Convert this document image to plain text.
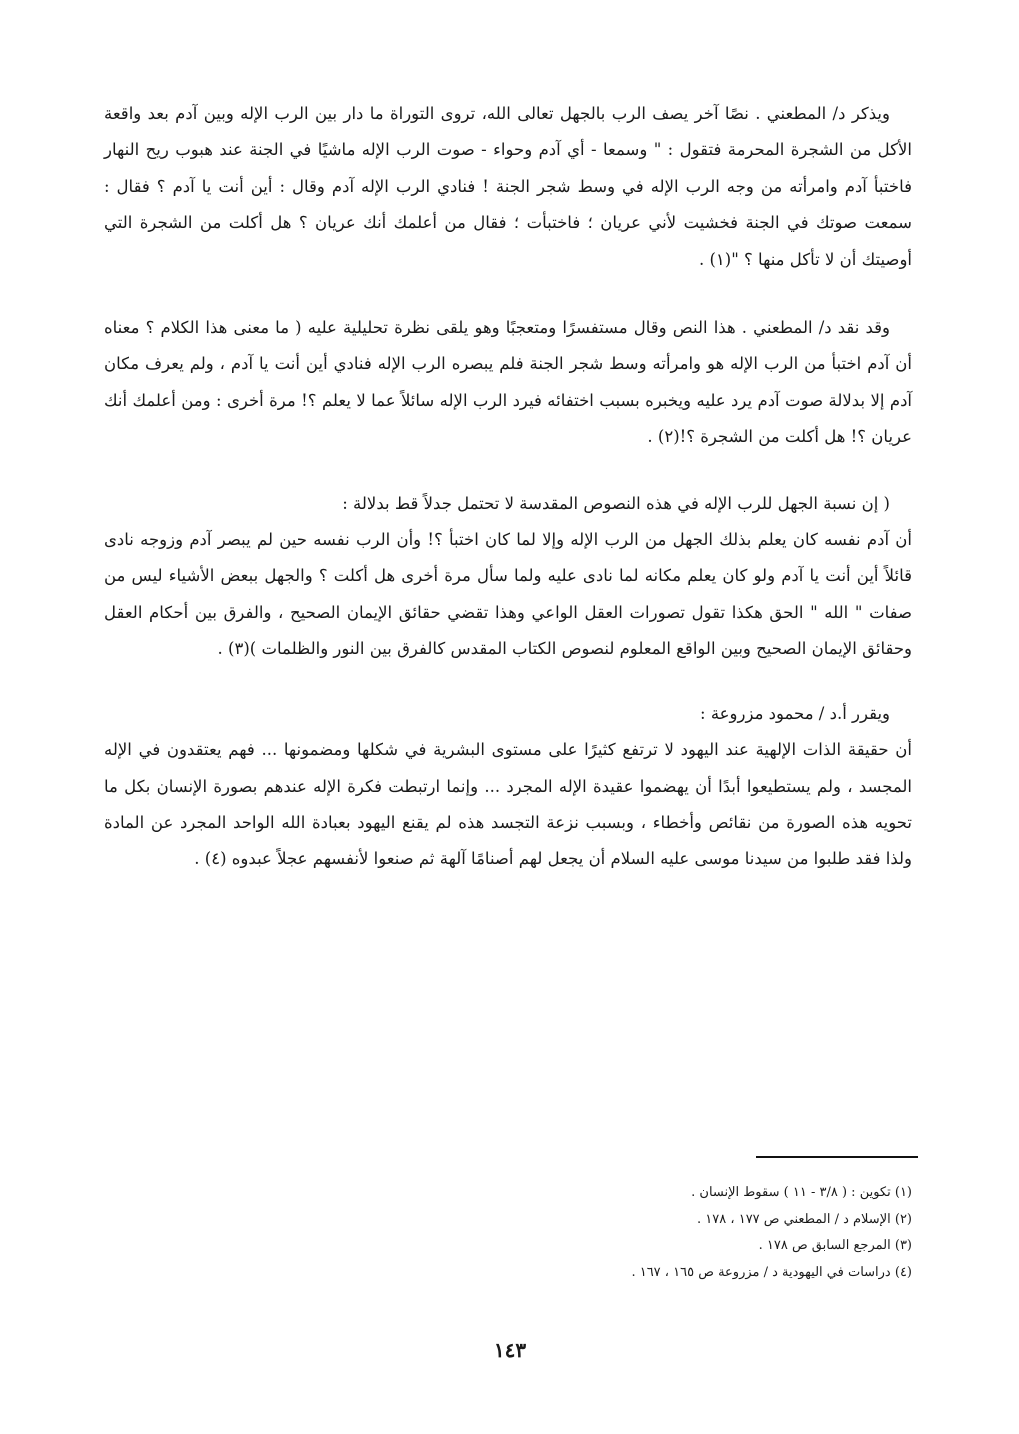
ويذكر د/ المطعني . نصًا آخر يصف الرب بالجهل تعالى الله، تروى التوراة ما دار بين الرب الإله وبين آدم بعد واقعة الأكل من الشجرة المحرمة فتقول : " وسمعا - أي آدم وحواء - صوت الرب الإله ماشيًا في الجنة عند هبوب ريح النهار فاختبأ آدم وامرأته من وجه الرب الإله في وسط شجر الجنة ! فنادي الرب الإله آدم وقال : أين أنت يا آدم ؟ فقال : سمعت صوتك في الجنة فخشيت لأني عريان ؛ فاختبأت ؛ فقال من أعلمك أنك عريان ؟ هل أكلت من الشجرة التي أوصيتك أن لا تأكل منها ؟ "(١) .

وقد نقد د/ المطعني . هذا النص وقال مستفسرًا ومتعجبًا وهو يلقى نظرة تحليلية عليه ( ما معنى هذا الكلام ؟ معناه أن آدم اختبأ من الرب الإله هو وامرأته وسط شجر الجنة فلم يبصره الرب الإله فنادي أين أنت يا آدم ، ولم يعرف مكان آدم إلا بدلالة صوت آدم يرد عليه ويخبره بسبب اختفائه فيرد الرب الإله سائلاً عما لا يعلم ؟! مرة أخرى : ومن أعلمك أنك عريان ؟! هل أكلت من الشجرة ؟!(٢) .

( إن نسبة الجهل للرب الإله في هذه النصوص المقدسة لا تحتمل جدلاً قط بدلالة :

أن آدم نفسه كان يعلم بذلك الجهل من الرب الإله وإلا لما كان اختبأ ؟! وأن الرب نفسه حين لم يبصر آدم وزوجه نادى قائلاً أين أنت يا آدم ولو كان يعلم مكانه لما نادى عليه ولما سأل مرة أخرى هل أكلت ؟ والجهل ببعض الأشياء ليس من صفات " الله " الحق هكذا تقول تصورات العقل الواعي وهذا تقضي حقائق الإيمان الصحيح ، والفرق بين أحكام العقل وحقائق الإيمان الصحيح وبين الواقع المعلوم لنصوص الكتاب المقدس كالفرق بين النور والظلمات )(٣) .

ويقرر أ.د / محمود مزروعة :

أن حقيقة الذات الإلهية عند اليهود لا ترتفع كثيرًا على مستوى البشرية في شكلها ومضمونها ... فهم يعتقدون في الإله المجسد ، ولم يستطيعوا أبدًا أن يهضموا عقيدة الإله المجرد ... وإنما ارتبطت فكرة الإله عندهم بصورة الإنسان بكل ما تحويه هذه الصورة من نقائص وأخطاء ، وبسبب نزعة التجسد هذه لم يقنع اليهود بعبادة الله الواحد المجرد عن المادة ولذا فقد طلبوا من سيدنا موسى عليه السلام أن يجعل لهم أصنامًا آلهة ثم صنعوا لأنفسهم عجلاً عبدوه (٤) .

(١) تكوين : ( ٣/٨ - ١١ ) سقوط الإنسان .

(٢) الإسلام د / المطعني ص ١٧٧ ، ١٧٨ .

(٣) المرجع السابق ص ١٧٨ .

(٤) دراسات في اليهودية د / مزروعة ص ١٦٥ ، ١٦٧ .

١٤٣
